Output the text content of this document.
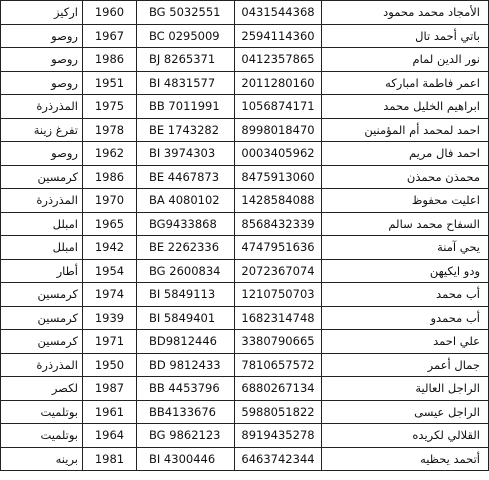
اركيز	1960	BG 5032551	0431544368	الأمجاد محمد محمود
روصو	1967	BC 0295009	2594114360	باتي أحمد تال
روصو	1986	BJ 8265371	0412357865	نور الدين لمام
روصو	1951	BI 4831577	2011280160	اعمر فاطمة امباركه
المذرذرة	1975	BB 7011991	1056874171	ابراهيم الخليل محمد
تفرغ زينة	1978	BE 1743282	8998018470	احمد لمحمد أم المؤمنين
روصو	1962	BI 3974303	0003405962	احمد فال مريم
كرمسين	1986	BE 4467873	8475913060	محمذن محمذن
المذرذرة	1970	BA 4080102	1428584088	اعليت محفوظ
امبلل	1965	BG9433868	8568432339	السفاح محمد سالم
امبلل	1942	BE 2262336	4747951636	يحي آمنة
أطار	1954	BG 2600834	2072367074	ودو ايكيهن
كرمسين	1974	BI 5849113	1210750703	أب محمد
كرمسين	1939	BI 5849401	1682314748	أب محمدو
كرمسين	1971	BD9812446	3380790665	علي احمد
المذرذرة	1950	BD 9812433	7810657572	جمال أعمر
لكصر	1987	BB 4453796	6880267134	الراجل العالية
بوتلميت	1961	BB4133676	5988051822	الراجل عيسى
بوتلميت	1964	BG 9862123	8919435278	القلالي لكريده
برينه	1981	BI 4300446	6463742344	أتحمد يحظيه
